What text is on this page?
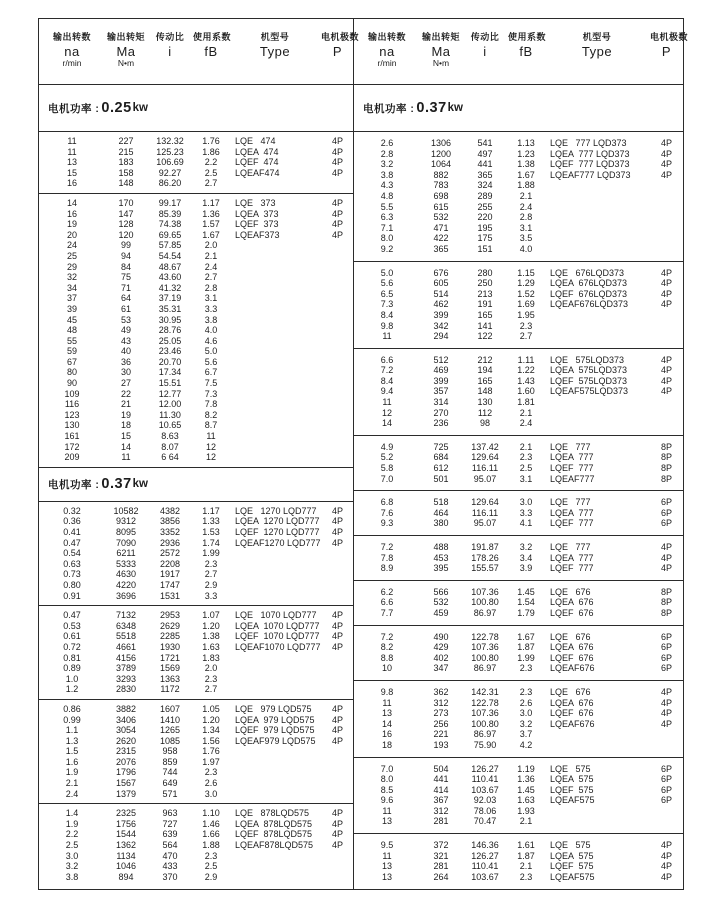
输出转数
na
r/min
输出转矩
Ma
N•m
传动比
i
使用系数
fB
机型号
Type
电机极数
P
电机功率 : 0.25 kw
11	227	132.32	1.76	LQE   474	4P
11	215	125.23	1.86	LQEA  474	4P
13	183	106.69	2.2	LQEF  474	4P
15	158	92.27	2.5	LQEAF474	4P
16	148	86.20	2.7
14	170	99.17	1.17	LQE   373	4P
16	147	85.39	1.36	LQEA  373	4P
19	128	74.38	1.57	LQEF  373	4P
20	120	69.65	1.67	LQEAF373	4P
24	99	57.85	2.0
25	94	54.54	2.1
29	84	48.67	2.4
32	75	43.60	2.7
34	71	41.32	2.8
37	64	37.19	3.1
39	61	35.31	3.3
45	53	30.95	3.8
48	49	28.76	4.0
55	43	25.05	4.6
59	40	23.46	5.0
67	36	20.70	5.6
80	30	17.34	6.7
90	27	15.51	7.5
109	22	12.77	7.3
116	21	12.00	7.8
123	19	11.30	8.2
130	18	10.65	8.7
161	15	8.63	11
172	14	8.07	12
209	11	6 64	12
电机功率 : 0.37 kw
0.32	10582	4382	1.17	LQE   1270 LQD777	4P
0.36	9312	3856	1.33	LQEA  1270 LQD777	4P
0.41	8095	3352	1.53	LQEF  1270 LQD777	4P
0.47	7090	2936	1.74	LQEAF1270 LQD777	4P
0.54	6211	2572	1.99
0.63	5333	2208	2.3
0.73	4630	1917	2.7
0.80	4220	1747	2.9
0.91	3696	1531	3.3
0.47	7132	2953	1.07	LQE   1070 LQD777	4P
0.53	6348	2629	1.20	LQEA  1070 LQD777	4P
0.61	5518	2285	1.38	LQEF  1070 LQD777	4P
0.72	4661	1930	1.63	LQEAF1070 LQD777	4P
0.81	4156	1721	1.83
0.89	3789	1569	2.0
1.0	3293	1363	2.3
1.2	2830	1172	2.7
0.86	3882	1607	1.05	LQE   979 LQD575	4P
0.99	3406	1410	1.20	LQEA  979 LQD575	4P
1.1	3054	1265	1.34	LQEF  979 LQD575	4P
1.3	2620	1085	1.56	LQEAF979 LQD575	4P
1.5	2315	958	1.76
1.6	2076	859	1.97
1.9	1796	744	2.3
2.1	1567	649	2.6
2.4	1379	571	3.0
1.4	2325	963	1.10	LQE   878LQD575	4P
1.9	1756	727	1.46	LQEA  878LQD575	4P
2.2	1544	639	1.66	LQEF  878LQD575	4P
2.5	1362	564	1.88	LQEAF878LQD575	4P
3.0	1134	470	2.3
3.2	1046	433	2.5
3.8	894	370	2.9
输出转数
na
r/min
输出转矩
Ma
N•m
传动比
i
使用系数
fB
机型号
Type
电机极数
P
电机功率 : 0.37 kw
2.6	1306	541	1.13	LQE   777 LQD373	4P
2.8	1200	497	1.23	LQEA  777 LQD373	4P
3.2	1064	441	1.38	LQEF  777 LQD373	4P
3.8	882	365	1.67	LQEAF777 LQD373	4P
4.3	783	324	1.88
4.8	698	289	2.1
5.5	615	255	2.4
6.3	532	220	2.8
7.1	471	195	3.1
8.0	422	175	3.5
9.2	365	151	4.0
5.0	676	280	1.15	LQE   676LQD373	4P
5.6	605	250	1.29	LQEA  676LQD373	4P
6.5	514	213	1.52	LQEF  676LQD373	4P
7.3	462	191	1.69	LQEAF676LQD373	4P
8.4	399	165	1.95
9.8	342	141	2.3
11	294	122	2.7
6.6	512	212	1.11	LQE   575LQD373	4P
7.2	469	194	1.22	LQEA  575LQD373	4P
8.4	399	165	1.43	LQEF  575LQD373	4P
9.4	357	148	1.60	LQEAF575LQD373	4P
11	314	130	1.81
12	270	112	2.1
14	236	98	2.4
4.9	725	137.42	2.1	LQE   777	8P
5.2	684	129.64	2.3	LQEA  777	8P
5.8	612	116.11	2.5	LQEF  777	8P
7.0	501	95.07	3.1	LQEAF777	8P
6.8	518	129.64	3.0	LQE   777	6P
7.6	464	116.11	3.3	LQEA  777	6P
9.3	380	95.07	4.1	LQEF  777	6P
7.2	488	191.87	3.2	LQE   777	4P
7.8	453	178.26	3.4	LQEA  777	4P
8.9	395	155.57	3.9	LQEF  777	4P
6.2	566	107.36	1.45	LQE   676	8P
6.6	532	100.80	1.54	LQEA  676	8P
7.7	459	86.97	1.79	LQEF  676	8P
7.2	490	122.78	1.67	LQE   676	6P
8.2	429	107.36	1.87	LQEA  676	6P
8.8	402	100.80	1.99	LQEF  676	6P
10	347	86.97	2.3	LQEAF676	6P
9.8	362	142.31	2.3	LQE   676	4P
11	312	122.78	2.6	LQEA  676	4P
13	273	107.36	3.0	LQEF  676	4P
14	256	100.80	3.2	LQEAF676	4P
16	221	86.97	3.7
18	193	75.90	4.2
7.0	504	126.27	1.19	LQE   575	6P
8.0	441	110.41	1.36	LQEA  575	6P
8.5	414	103.67	1.45	LQEF  575	6P
9.6	367	92.03	1.63	LQEAF575	6P
11	312	78.06	1.93
13	281	70.47	2.1
9.5	372	146.36	1.61	LQE   575	4P
11	321	126.27	1.87	LQEA  575	4P
13	281	110.41	2.1	LQEF  575	4P
13	264	103.67	2.3	LQEAF575	4P
